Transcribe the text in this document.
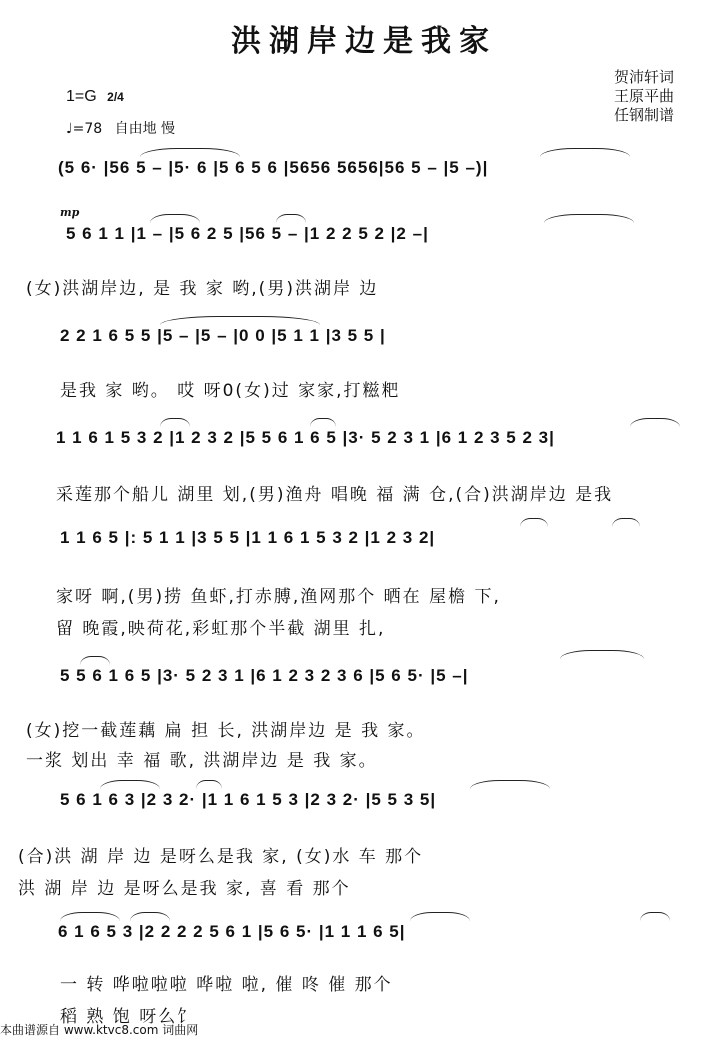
洪湖岸边是我家
贺沛轩词
王原平曲
任钢制谱
1=G 2/4
♩=78 自由地 慢
(5 6· |56 5 – |5· 6 |5 6 5 6 |5656 5656|56 5 – |5 –)|
mp
5 6 1 1 |1 – |5 6 2 5 |56 5 – |1 2 2 5 2 |2 –|
(女)洪湖岸边, 是 我 家 哟,(男)洪湖岸 边
2 2 1 6 5 5 |5 – |5 – |0 0 |5 1 1 |3 5 5 |
是我 家 哟。 哎 呀0(女)过 家家,打糍粑
1 1 6 1 5 3 2 |1 2 3 2 |5 5 6 1 6 5 |3· 5 2 3 1 |6 1 2 3 5 2 3|
采莲那个船儿 湖里 划,(男)渔舟 唱晚 福 满 仓,(合)洪湖岸边 是我
1 1 6 5 |: 5 1 1 |3 5 5 |1 1 6 1 5 3 2 |1 2 3 2|
家呀 啊,(男)捞 鱼虾,打赤膊,渔网那个 晒在 屋檐 下,
留 晚霞,映荷花,彩虹那个半截 湖里 扎,
5 5 6 1 6 5 |3· 5 2 3 1 |6 1 2 3 2 3 6 |5 6 5· |5 –|
(女)挖一截莲藕 扁 担 长, 洪湖岸边 是 我 家。
一浆 划出 幸 福 歌, 洪湖岸边 是 我 家。
5 6 1 6 3 |2 3 2· |1 1 6 1 5 3 |2 3 2· |5 5 3 5|
(合)洪 湖 岸 边 是呀么是我 家, (女)水 车 那个
洪 湖 岸 边 是呀么是我 家, 喜 看 那个
6 1 6 5 3 |2 2 2 2 5 6 1 |5 6 5· |1 1 1 6 5|
一 转 哗啦啦啦 哗啦 啦, 催 咚 催 那个
稻 熟 饱 呀么饣
本曲谱源自 www.ktvc8.com 词曲网
